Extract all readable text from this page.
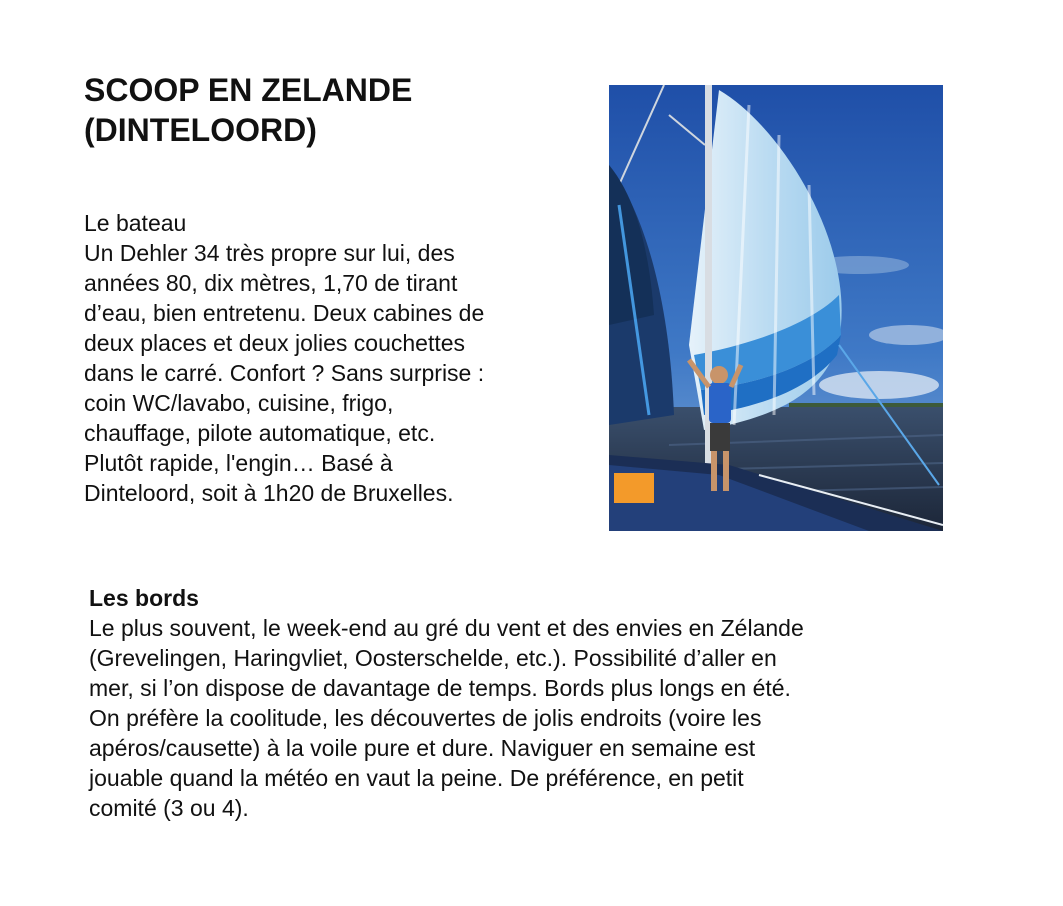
SCOOP EN ZELANDE
(DINTELOORD)
Le bateau
Un Dehler 34 très propre sur lui, des
années 80, dix mètres, 1,70 de tirant
d’eau, bien entretenu. Deux cabines de
deux places et deux jolies couchettes
dans le carré. Confort ? Sans surprise :
coin WC/lavabo, cuisine, frigo,
chauffage, pilote automatique, etc.
Plutôt rapide, l'engin… Basé à
Dinteloord, soit à 1h20 de Bruxelles.
Les bords
Le plus souvent, le week-end au gré du vent et des envies en Zélande
(Grevelingen, Haringvliet, Oosterschelde, etc.). Possibilité d’aller en
mer, si l’on dispose de davantage de temps. Bords plus longs en été.
On préfère la coolitude, les découvertes de jolis endroits (voire les
apéros/causette) à la voile pure et dure. Naviguer en semaine est
jouable quand la météo en vaut la peine. De préférence, en petit
comité (3 ou 4).
